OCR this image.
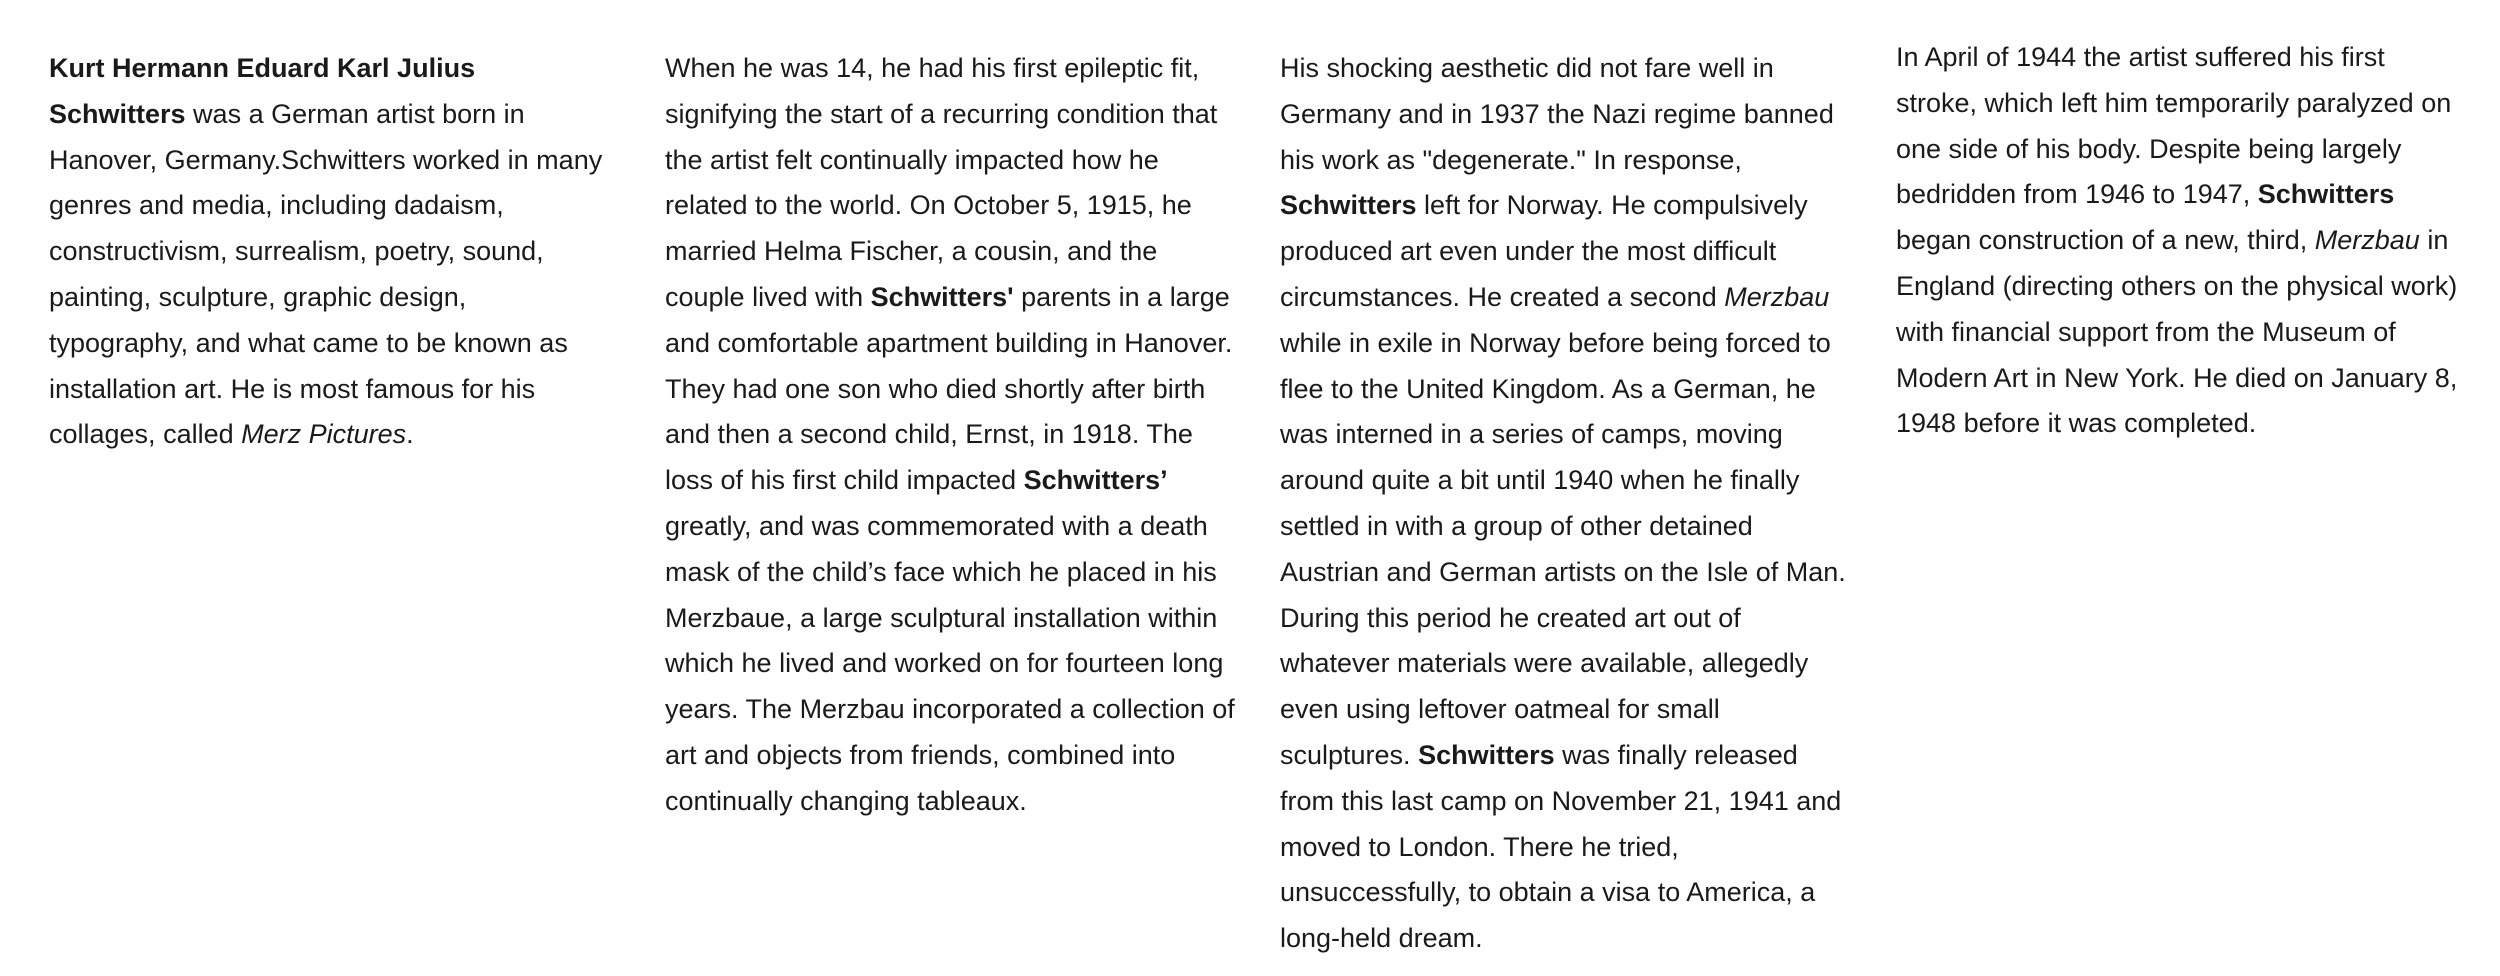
Kurt Hermann Eduard Karl Julius Schwitters was a German artist born in Hanover, Germany.Schwitters worked in many genres and media, including dadaism, constructivism, surrealism, poetry, sound, painting, sculpture, graphic design, typography, and what came to be known as installation art. He is most famous for his collages, called Merz Pictures.

When he was 14, he had his first epileptic fit, signifying the start of a recurring condition that the artist felt continually impacted how he related to the world. On October 5, 1915, he married Helma Fischer, a cousin, and the couple lived with Schwitters' parents in a large and comfortable apartment building in Hanover. They had one son who died shortly after birth and then a second child, Ernst, in 1918. The loss of his first child impacted Schwitters’ greatly, and was commemorated with a death mask of the child’s face which he placed in his Merzbaue, a large sculptural installation within which he lived and worked on for fourteen long years. The Merzbau incorporated a collection of art and objects from friends, combined into continually changing tableaux.

His shocking aesthetic did not fare well in Germany and in 1937 the Nazi regime banned his work as "degenerate." In response, Schwitters left for Norway. He compulsively produced art even under the most difficult circumstances. He created a second Merzbau while in exile in Norway before being forced to flee to the United Kingdom. As a German, he was interned in a series of camps, moving around quite a bit until 1940 when he finally settled in with a group of other detained Austrian and German artists on the Isle of Man. During this period he created art out of whatever materials were available, allegedly even using leftover oatmeal for small sculptures. Schwitters was finally released from this last camp on November 21, 1941 and moved to London. There he tried, unsuccessfully, to obtain a visa to America, a long-held dream.

In April of 1944 the artist suffered his first stroke, which left him temporarily paralyzed on one side of his body. Despite being largely bedridden from 1946 to 1947, Schwitters began construction of a new, third, Merzbau in England (directing others on the physical work) with financial support from the Museum of Modern Art in New York. He died on January 8, 1948 before it was completed.
